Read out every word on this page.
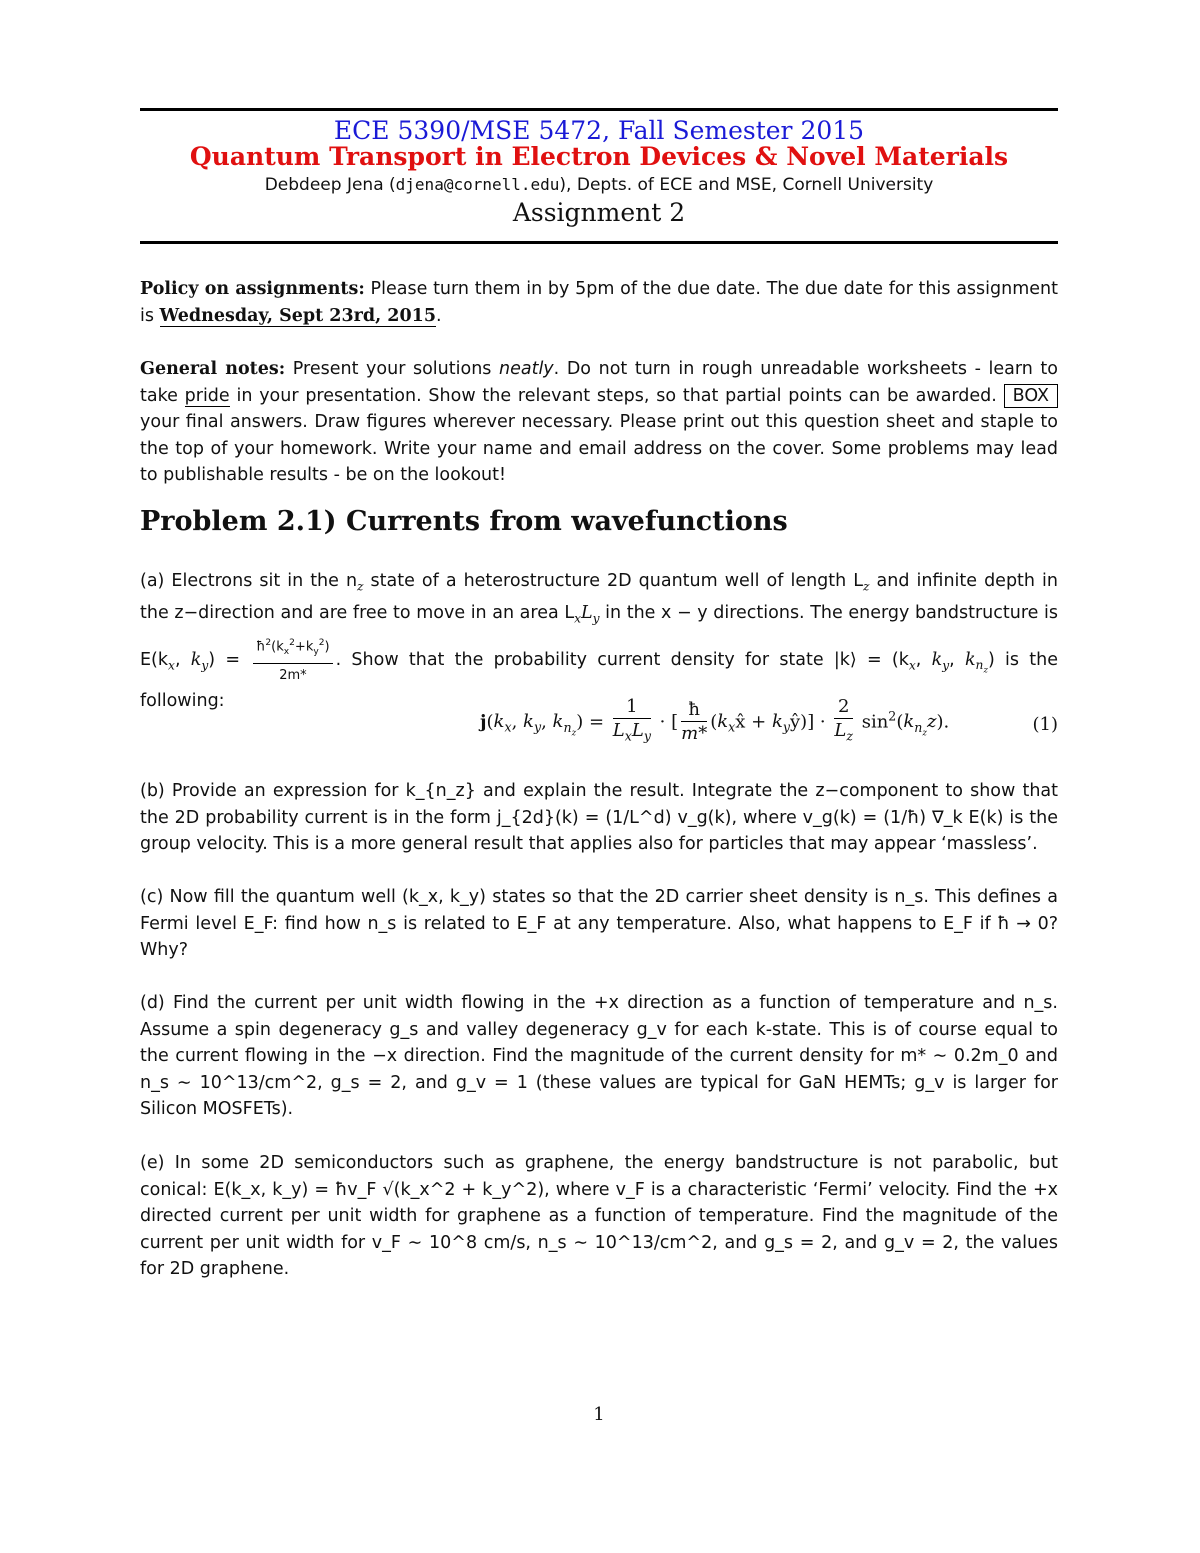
ECE 5390/MSE 5472, Fall Semester 2015
Quantum Transport in Electron Devices & Novel Materials
Debdeep Jena (djena@cornell.edu), Depts. of ECE and MSE, Cornell University
Assignment 2
Policy on assignments: Please turn them in by 5pm of the due date. The due date for this assignment is Wednesday, Sept 23rd, 2015.
General notes: Present your solutions neatly. Do not turn in rough unreadable worksheets - learn to take pride in your presentation. Show the relevant steps, so that partial points can be awarded. BOX your final answers. Draw figures wherever necessary. Please print out this question sheet and staple to the top of your homework. Write your name and email address on the cover. Some problems may lead to publishable results - be on the lookout!
Problem 2.1) Currents from wavefunctions
(a) Electrons sit in the $n_z$ state of a heterostructure 2D quantum well of length $L_z$ and infinite depth in the z−direction and are free to move in an area $L_xL_y$ in the x − y directions. The energy bandstructure is $E(k_x$, $k_y) = \frac{ħ^2(k_x^2+k_y^2)}{2m*}$ . Show that the probability current density for state |k⟩ = ($k_x$, $k_y$, $k_{n_z}$) is the following:
$j(k_x$, $k_y$, $k_{n_z}) = \frac{1}{L_xL_y}$ · [ $\frac{ħ}{m*}$ ($k_xx̂$ + $k_yŷ)] \cdot \frac{2}{L_z} \sin^2(k_{n_z}z)$.	(1)
(b) Provide an expression for k_{n_z} and explain the result. Integrate the z−component to show that the 2D probability current is in the form j_{2d}(k) = (1/L^d) v_g(k), where v_g(k) = (1/ħ) ∇_k E(k) is the group velocity. This is a more general result that applies also for particles that may appear ‘massless’.
(c) Now fill the quantum well (k_x, k_y) states so that the 2D carrier sheet density is n_s. This defines a Fermi level E_F: find how n_s is related to E_F at any temperature. Also, what happens to E_F if ħ → 0? Why?
(d) Find the current per unit width flowing in the +x direction as a function of temperature and n_s. Assume a spin degeneracy g_s and valley degeneracy g_v for each k-state. This is of course equal to the current flowing in the −x direction. Find the magnitude of the current density for m* ∼ 0.2m_0 and n_s ∼ 10^13/cm^2, g_s = 2, and g_v = 1 (these values are typical for GaN HEMTs; g_v is larger for Silicon MOSFETs).
(e) In some 2D semiconductors such as graphene, the energy bandstructure is not parabolic, but conical: E(k_x, k_y) = ħv_F √(k_x^2 + k_y^2), where v_F is a characteristic ‘Fermi’ velocity. Find the +x directed current per unit width for graphene as a function of temperature. Find the magnitude of the current per unit width for v_F ∼ 10^8 cm/s, n_s ∼ 10^13/cm^2, and g_s = 2, and g_v = 2, the values for 2D graphene.
1
